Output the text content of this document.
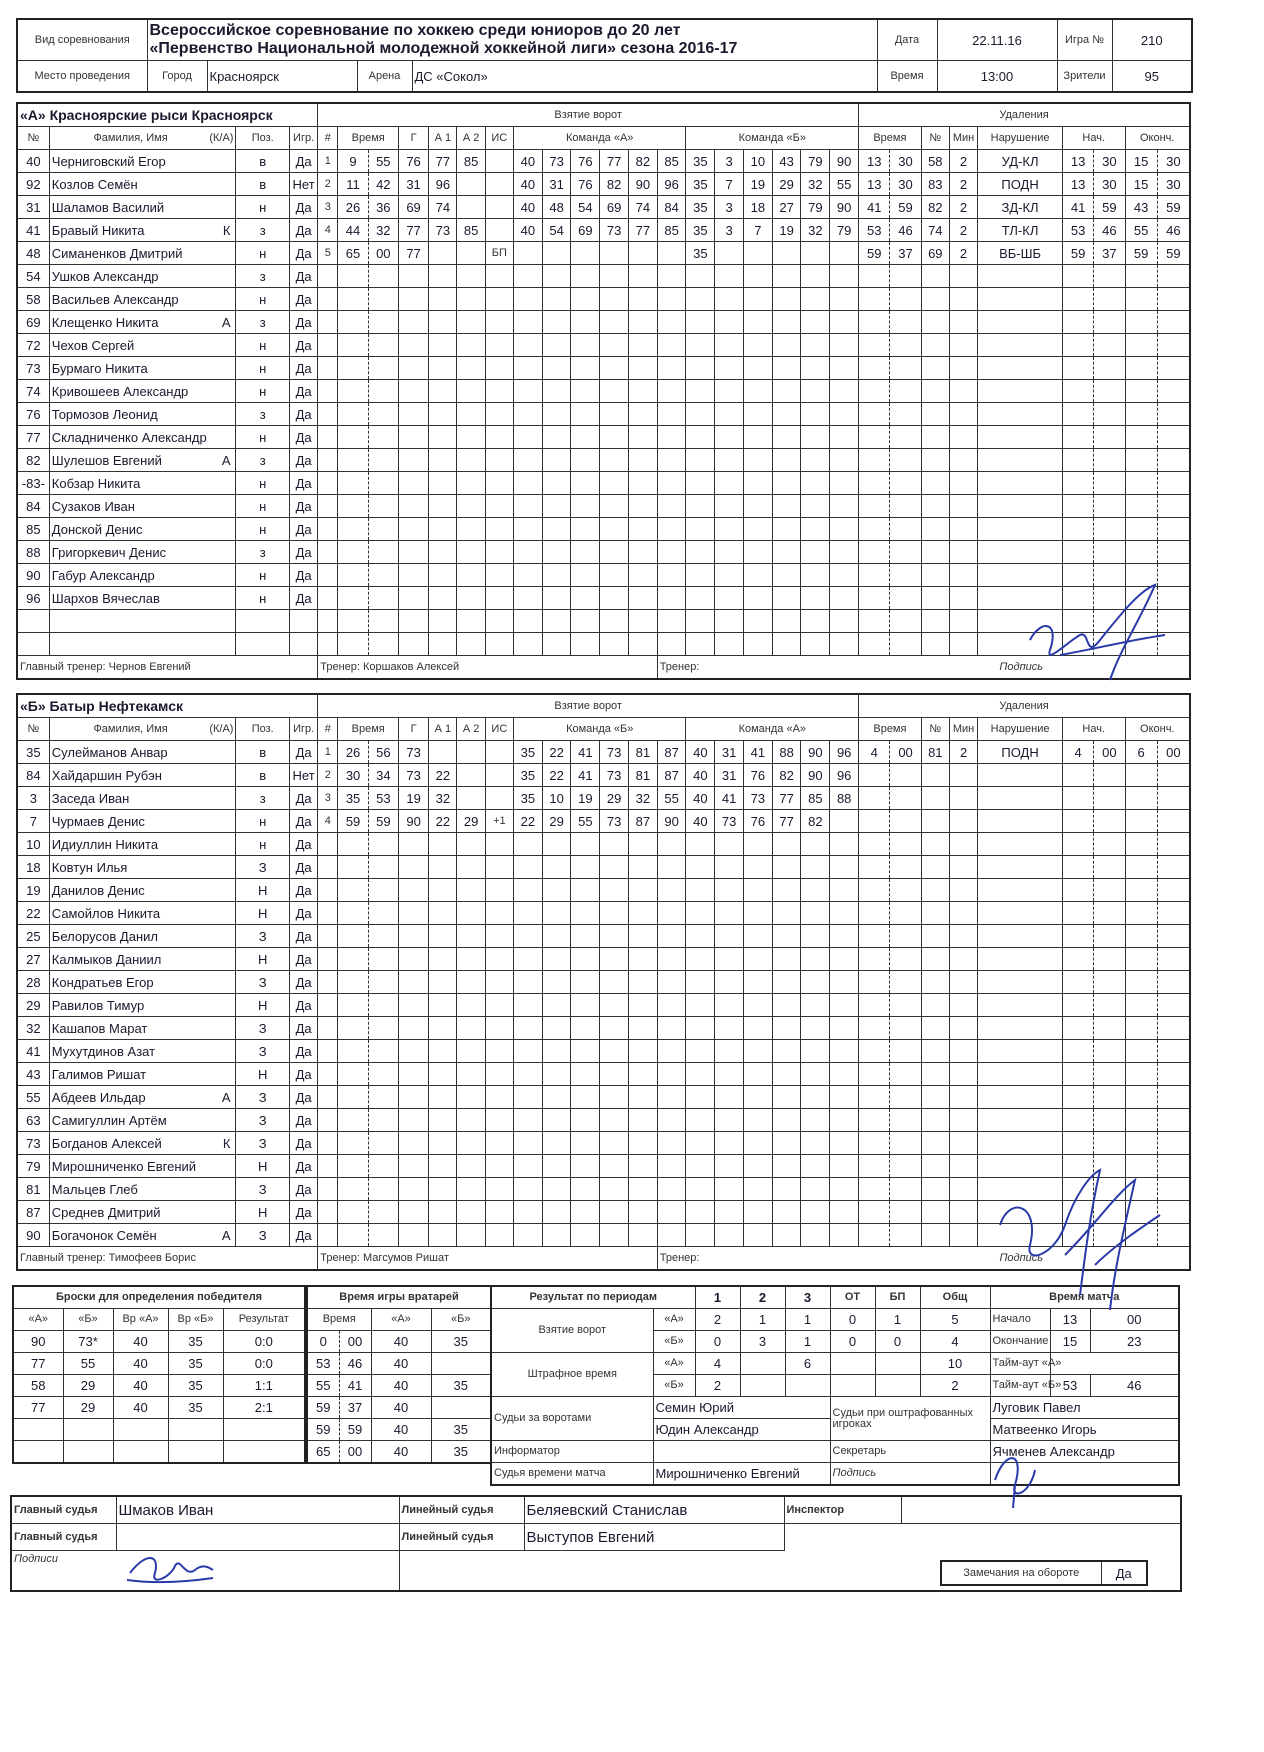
Вид соревнования	Всероссийское соревнование по хоккею среди юниоров до 20 лет
«Первенство Национальной молодежной хоккейной лиги» сезона 2016-17				Дата	22.11.16	Игра №	210
Место проведения	Город	Красноярск	Арена	ДС «Сокол»	Время	13:00	Зрители	95
«А» Красноярские рыси Красноярск				Взятие ворот																			Удаления								
№	Фамилия, Имя (К/А)	Поз.	Игр.	#	Время		Г	А 1	А 2	ИС	Команда «А»						Команда «Б»						Время		№	Мин	Нарушение	Нач.		Оконч.	
40	Черниговский Егор	в	Да	1	9	55	76	77	85		40	73	76	77	82	85	35	3	10	43	79	90	13	30	58	2	УД-КЛ	13	30	15	30
92	Козлов Семён	в	Нет	2	11	42	31	96			40	31	76	82	90	96	35	7	19	29	32	55	13	30	83	2	ПОДН	13	30	15	30
31	Шаламов Василий	н	Да	3	26	36	69	74			40	48	54	69	74	84	35	3	18	27	79	90	41	59	82	2	ЗД-КЛ	41	59	43	59
41	Бравый Никита К	з	Да	4	44	32	77	73	85		40	54	69	73	77	85	35	3	7	19	32	79	53	46	74	2	ТЛ-КЛ	53	46	55	46
48	Симаненков Дмитрий	н	Да	5	65	00	77			БП							35						59	37	69	2	ВБ-ШБ	59	37	59	59
54	Ушков Александр	з	Да																												
58	Васильев Александр	н	Да																												
69	Клещенко Никита А	з	Да																												
72	Чехов Сергей	н	Да																												
73	Бурмаго Никита	н	Да																												
74	Кривошеев Александр	н	Да																												
76	Тормозов Леонид	з	Да																												
77	Складниченко Александр	н	Да																												
82	Шулешов Евгений А	з	Да																												
-83-	Кобзар Никита	н	Да																												
84	Сузаков Иван	н	Да																												
85	Донской Денис	н	Да																												
88	Григоркевич Денис	з	Да																												
90	Габур Александр	н	Да																												
96	Шархов Вячеслав	н	Да																												

Главный тренер: Чернов Евгений				Тренер: Коршаков Алексей												Тренер: Подпись															
«Б» Батыр Нефтекамск				Взятие ворот																			Удаления								
№	Фамилия, Имя (К/А)	Поз.	Игр.	#	Время		Г	А 1	А 2	ИС	Команда «Б»						Команда «А»						Время		№	Мин	Нарушение	Нач.		Оконч.	
35	Сулейманов Анвар	в	Да	1	26	56	73				35	22	41	73	81	87	40	31	41	88	90	96	4	00	81	2	ПОДН	4	00	6	00
84	Хайдаршин Рубэн	в	Нет	2	30	34	73	22			35	22	41	73	81	87	40	31	76	82	90	96									
3	Заседа Иван	з	Да	3	35	53	19	32			35	10	19	29	32	55	40	41	73	77	85	88									
7	Чурмаев Денис	н	Да	4	59	59	90	22	29	+1	22	29	55	73	87	90	40	73	76	77	82										
10	Идиуллин Никита	н	Да																												
18	Ковтун Илья	З	Да																												
19	Данилов Денис	Н	Да																												
22	Самойлов Никита	Н	Да																												
25	Белорусов Данил	З	Да																												
27	Калмыков Даниил	Н	Да																												
28	Кондратьев Егор	З	Да																												
29	Равилов Тимур	Н	Да																												
32	Кашапов Марат	З	Да																												
41	Мухутдинов Азат	З	Да																												
43	Галимов Ришат	Н	Да																												
55	Абдеев Ильдар А	З	Да																												
63	Самигуллин Артём	З	Да																												
73	Богданов Алексей К	З	Да																												
79	Мирошниченко Евгений	Н	Да																												
81	Мальцев Глеб	З	Да																												
87	Среднев Дмитрий	Н	Да																												
90	Богачонок Семён А	З	Да																												
Главный тренер: Тимофеев Борис				Тренер: Магсумов Ришат												Тренер: Подпись															
Броски для определения победителя				
«А»	«Б»	Вр «А»	Вр «Б»	Результат
90	73*	40	35	0:0
77	55	40	35	0:0
58	29	40	35	1:1
77	29	40	35	2:1

Время игры вратарей			
Время		«А»	«Б»
0	00	40	35
53	46	40	
55	41	40	35
59	37	40	
59	59	40	35
65	00	40	35
Результат по периодам		1	2	3	ОТ	БП	Общ	Время матча		
Взятие ворот	«А»	2	1	1	0	1	5	Начало	13	00
	«Б»	0	3	1	0	0	4	Окончание	15	23
Штрафное время	«А»	4		6			10	Тайм-аут «А»		
	«Б»	2					2	Тайм-аут «Б»	53	46
Судьи за воротами	Семин Юрий				Судьи при оштрафованных игроках			Луговик Павел		
	Юдин Александр							Матвеенко Игорь		
Информатор					Секретарь			Ячменев Александр		
Судья времени матча	Мирошниченко Евгений				Подпись					
Главный судья	Шмаков Иван	Линейный судья	Беляевский Станислав	Инспектор	
Главный судья		Линейный судья	Выступов Евгений		
Подписи					
Замечания на обороте	Да
